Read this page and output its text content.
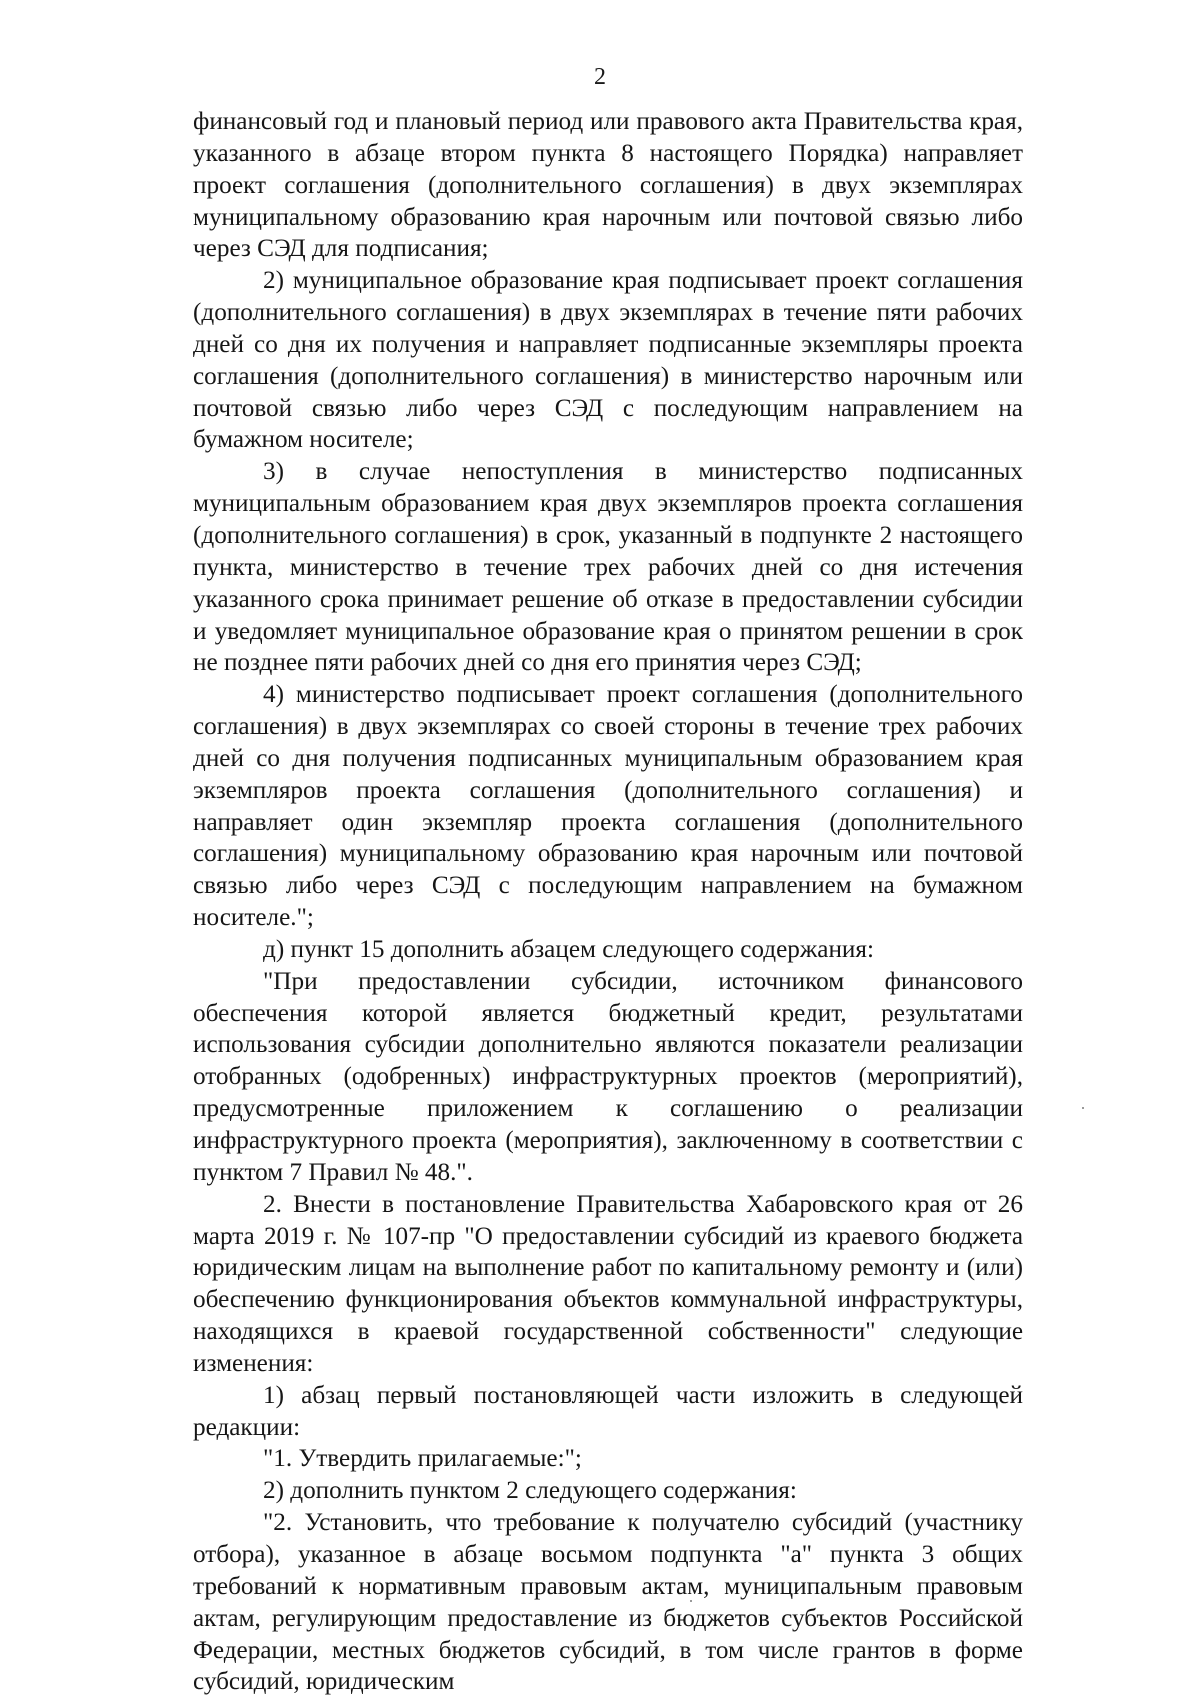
2

финансовый год и плановый период или правового акта Правительства края, указанного в абзаце втором пункта 8 настоящего Порядка) направляет проект соглашения (дополнительного соглашения) в двух экземплярах муниципальному образованию края нарочным или почтовой связью либо через СЭД для подписания;

2) муниципальное образование края подписывает проект соглашения (дополнительного соглашения) в двух экземплярах в течение пяти рабочих дней со дня их получения и направляет подписанные экземпляры проекта соглашения (дополнительного соглашения) в министерство нарочным или почтовой связью либо через СЭД с последующим направлением на бумажном носителе;

3) в случае непоступления в министерство подписанных муниципальным образованием края двух экземпляров проекта соглашения (дополнительного соглашения) в срок, указанный в подпункте 2 настоящего пункта, министерство в течение трех рабочих дней со дня истечения указанного срока принимает решение об отказе в предоставлении субсидии и уведомляет муниципальное образование края о принятом решении в срок не позднее пяти рабочих дней со дня его принятия через СЭД;

4) министерство подписывает проект соглашения (дополнительного соглашения) в двух экземплярах со своей стороны в течение трех рабочих дней со дня получения подписанных муниципальным образованием края экземпляров проекта соглашения (дополнительного соглашения) и направляет один экземпляр проекта соглашения (дополнительного соглашения) муниципальному образованию края нарочным или почтовой связью либо через СЭД с последующим направлением на бумажном носителе.";

д) пункт 15 дополнить абзацем следующего содержания:

"При предоставлении субсидии, источником финансового обеспечения которой является бюджетный кредит, результатами использования субсидии дополнительно являются показатели реализации отобранных (одобренных) инфраструктурных проектов (мероприятий), предусмотренные приложением к соглашению о реализации инфраструктурного проекта (мероприятия), заключенному в соответствии с пунктом 7 Правил № 48.".

2. Внести в постановление Правительства Хабаровского края от 26 марта 2019 г. № 107-пр "О предоставлении субсидий из краевого бюджета юридическим лицам на выполнение работ по капитальному ремонту и (или) обеспечению функционирования объектов коммунальной инфраструктуры, находящихся в краевой государственной собственности" следующие изменения:

1) абзац первый постановляющей части изложить в следующей редакции:

"1. Утвердить прилагаемые:";

2) дополнить пунктом 2 следующего содержания:

"2. Установить, что требование к получателю субсидий (участнику отбора), указанное в абзаце восьмом подпункта "а" пункта 3 общих требований к нормативным правовым актам, муниципальным правовым актам, регулирующим предоставление из бюджетов субъектов Российской Федерации, местных бюджетов субсидий, в том числе грантов в форме субсидий, юридическим
